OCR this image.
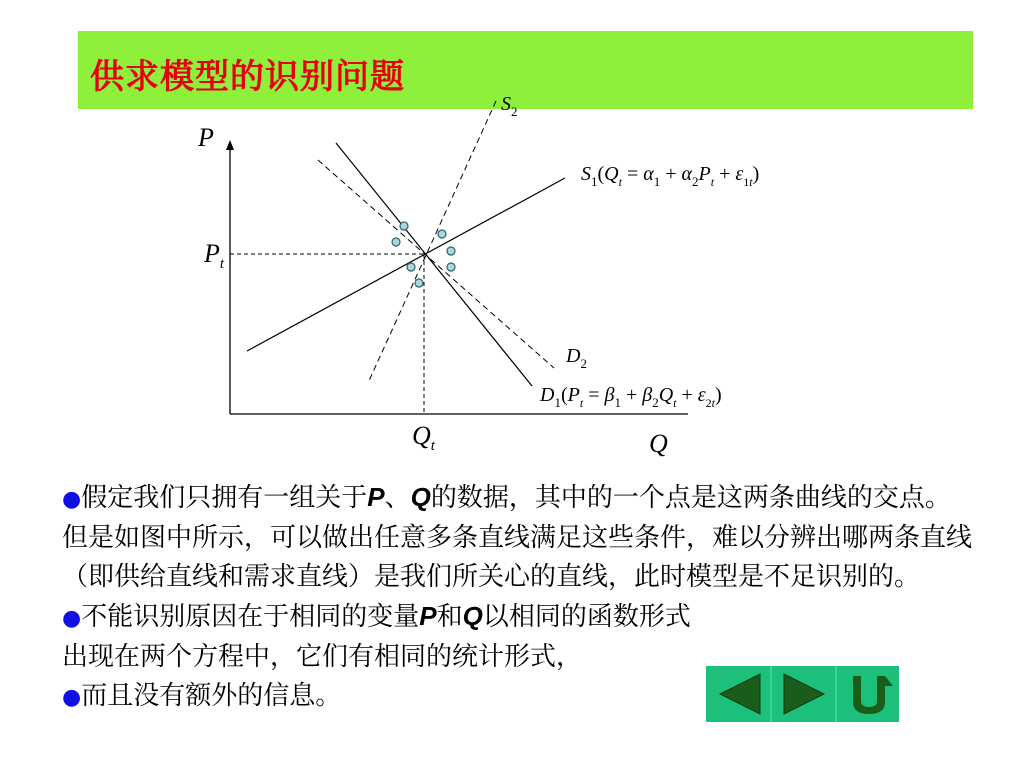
供求模型的识别问题
P
Q
$P_t$
$Q_t$
$S_2$
$D_2$
$S_1(Q_t = \alpha_1 + \alpha_2P_t + \varepsilon_1t)$
$D_1(P_t = \beta_1 + \beta_2Q_t + \varepsilon_2t)$

●假定我们只拥有一组关于P、Q的数据，其中的一个点是这两条曲线的交点。但是如图中所示，可以做出任意多条直线满足这些条件，难以分辨出哪两条直线（即供给直线和需求直线）是我们所关心的直线，此时模型是不足识别的。

●不能识别原因在于相同的变量P和Q以相同的函数形式出现在两个方程中，它们有相同的统计形式，

●而且没有额外的信息。
